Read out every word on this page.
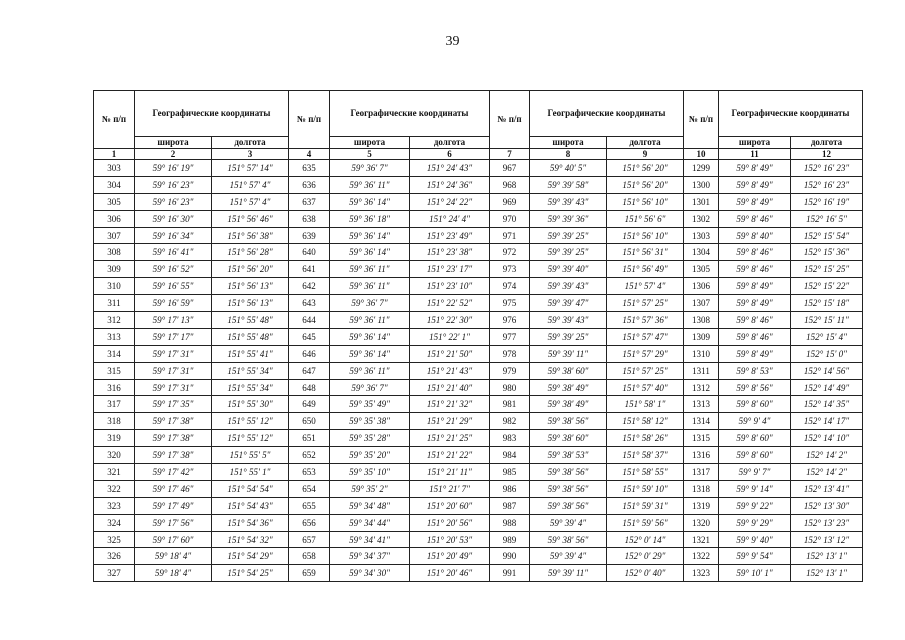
39
№ п/п	Географические координаты		№ п/п	Географические координаты		№ п/п	Географические координаты		№ п/п	Географические координаты	
	широта	долгота		широта	долгота		широта	долгота		широта	долгота
1	2	3	4	5	6	7	8	9	10	11	12
303	59° 16' 19"	151° 57' 14"	635	59° 36' 7"	151° 24' 43"	967	59° 40' 5"	151° 56' 20"	1299	59° 8' 49"	152° 16' 23"
304	59° 16' 23"	151° 57' 4"	636	59° 36' 11"	151° 24' 36"	968	59° 39' 58"	151° 56' 20"	1300	59° 8' 49"	152° 16' 23"
305	59° 16' 23"	151° 57' 4"	637	59° 36' 14"	151° 24' 22"	969	59° 39' 43"	151° 56' 10"	1301	59° 8' 49"	152° 16' 19"
306	59° 16' 30"	151° 56' 46"	638	59° 36' 18"	151° 24' 4"	970	59° 39' 36"	151° 56' 6"	1302	59° 8' 46"	152° 16' 5"
307	59° 16' 34"	151° 56' 38"	639	59° 36' 14"	151° 23' 49"	971	59° 39' 25"	151° 56' 10"	1303	59° 8' 40"	152° 15' 54"
308	59° 16' 41"	151° 56' 28"	640	59° 36' 14"	151° 23' 38"	972	59° 39' 25"	151° 56' 31"	1304	59° 8' 46"	152° 15' 36"
309	59° 16' 52"	151° 56' 20"	641	59° 36' 11"	151° 23' 17"	973	59° 39' 40"	151° 56' 49"	1305	59° 8' 46"	152° 15' 25"
310	59° 16' 55"	151° 56' 13"	642	59° 36' 11"	151° 23' 10"	974	59° 39' 43"	151° 57' 4"	1306	59° 8' 49"	152° 15' 22"
311	59° 16' 59"	151° 56' 13"	643	59° 36' 7"	151° 22' 52"	975	59° 39' 47"	151° 57' 25"	1307	59° 8' 49"	152° 15' 18"
312	59° 17' 13"	151° 55' 48"	644	59° 36' 11"	151° 22' 30"	976	59° 39' 43"	151° 57' 36"	1308	59° 8' 46"	152° 15' 11"
313	59° 17' 17"	151° 55' 48"	645	59° 36' 14"	151° 22' 1"	977	59° 39' 25"	151° 57' 47"	1309	59° 8' 46"	152° 15' 4"
314	59° 17' 31"	151° 55' 41"	646	59° 36' 14"	151° 21' 50"	978	59° 39' 11"	151° 57' 29"	1310	59° 8' 49"	152° 15' 0"
315	59° 17' 31"	151° 55' 34"	647	59° 36' 11"	151° 21' 43"	979	59° 38' 60"	151° 57' 25"	1311	59° 8' 53"	152° 14' 56"
316	59° 17' 31"	151° 55' 34"	648	59° 36' 7"	151° 21' 40"	980	59° 38' 49"	151° 57' 40"	1312	59° 8' 56"	152° 14' 49"
317	59° 17' 35"	151° 55' 30"	649	59° 35' 49"	151° 21' 32"	981	59° 38' 49"	151° 58' 1"	1313	59° 8' 60"	152° 14' 35"
318	59° 17' 38"	151° 55' 12"	650	59° 35' 38"	151° 21' 29"	982	59° 38' 56"	151° 58' 12"	1314	59° 9' 4"	152° 14' 17"
319	59° 17' 38"	151° 55' 12"	651	59° 35' 28"	151° 21' 25"	983	59° 38' 60"	151° 58' 26"	1315	59° 8' 60"	152° 14' 10"
320	59° 17' 38"	151° 55' 5"	652	59° 35' 20"	151° 21' 22"	984	59° 38' 53"	151° 58' 37"	1316	59° 8' 60"	152° 14' 2"
321	59° 17' 42"	151° 55' 1"	653	59° 35' 10"	151° 21' 11"	985	59° 38' 56"	151° 58' 55"	1317	59° 9' 7"	152° 14' 2"
322	59° 17' 46"	151° 54' 54"	654	59° 35' 2"	151° 21' 7"	986	59° 38' 56"	151° 59' 10"	1318	59° 9' 14"	152° 13' 41"
323	59° 17' 49"	151° 54' 43"	655	59° 34' 48"	151° 20' 60"	987	59° 38' 56"	151° 59' 31"	1319	59° 9' 22"	152° 13' 30"
324	59° 17' 56"	151° 54' 36"	656	59° 34' 44"	151° 20' 56"	988	59° 39' 4"	151° 59' 56"	1320	59° 9' 29"	152° 13' 23"
325	59° 17' 60"	151° 54' 32"	657	59° 34' 41"	151° 20' 53"	989	59° 38' 56"	152° 0' 14"	1321	59° 9' 40"	152° 13' 12"
326	59° 18' 4"	151° 54' 29"	658	59° 34' 37"	151° 20' 49"	990	59° 39' 4"	152° 0' 29"	1322	59° 9' 54"	152° 13' 1"
327	59° 18' 4"	151° 54' 25"	659	59° 34' 30"	151° 20' 46"	991	59° 39' 11"	152° 0' 40"	1323	59° 10' 1"	152° 13' 1"
